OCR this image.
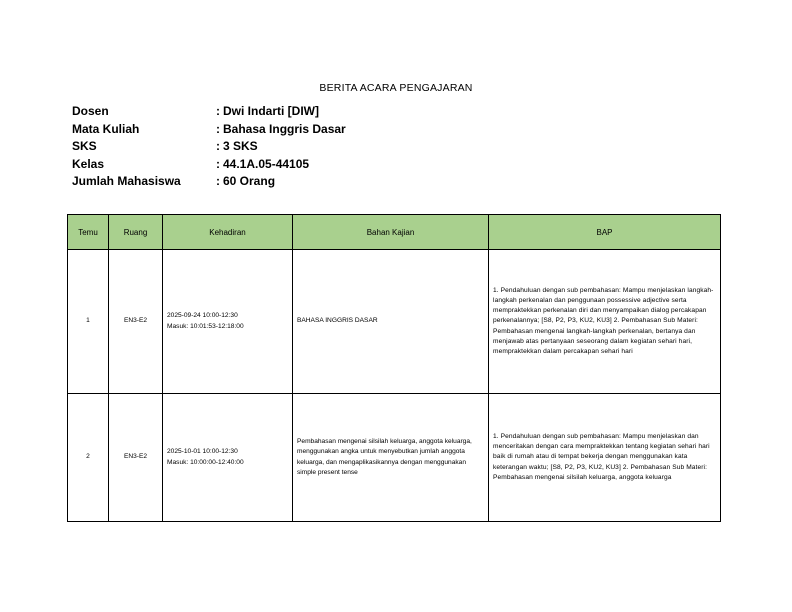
BERITA ACARA PENGAJARAN
Dosen	: Dwi Indarti [DIW]
Mata Kuliah	: Bahasa Inggris Dasar
SKS	: 3 SKS
Kelas	: 44.1A.05-44105
Jumlah Mahasiswa	: 60 Orang
Temu	Ruang	Kehadiran	Bahan Kajian	BAP
1	EN3-E2	2025-09-24 10:00-12:30
Masuk: 10:01:53-12:18:00	BAHASA INGGRIS DASAR	1. Pendahuluan dengan sub pembahasan: Mampu menjelaskan langkah-langkah perkenalan dan penggunaan possessive adjective serta mempraktekkan perkenalan diri dan menyampaikan dialog percakapan perkenalannya; [S8, P2, P3, KU2, KU3] 2. Pembahasan Sub Materi: Pembahasan mengenai langkah-langkah perkenalan, bertanya dan menjawab atas pertanyaan seseorang dalam kegiatan sehari hari, mempraktekkan dalam percakapan sehari hari
2	EN3-E2	2025-10-01 10:00-12:30
Masuk: 10:00:00-12:40:00	Pembahasan mengenai silsilah keluarga, anggota keluarga, menggunakan angka untuk menyebutkan jumlah anggota keluarga, dan mengaplikasikannya dengan menggunakan simple present tense	1. Pendahuluan dengan sub pembahasan: Mampu menjelaskan dan menceritakan dengan cara mempraktekkan tentang kegiatan sehari hari baik di rumah atau di tempat bekerja dengan menggunakan kata keterangan waktu; [S8, P2, P3, KU2, KU3] 2. Pembahasan Sub Materi: Pembahasan mengenai silsilah keluarga, anggota keluarga
